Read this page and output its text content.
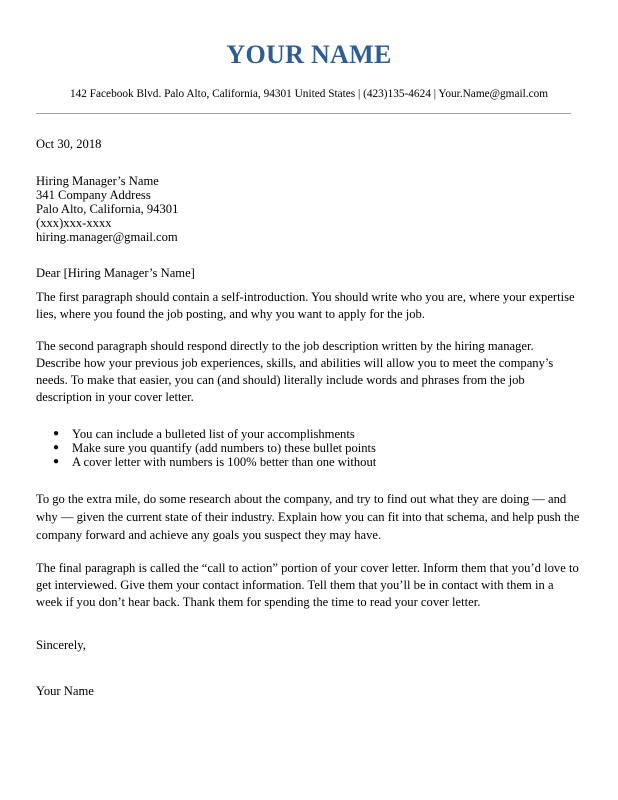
YOUR NAME
142 Facebook Blvd. Palo Alto, California, 94301 United States | (423)135-4624 | Your.Name@gmail.com
Oct 30, 2018
Hiring Manager’s Name
341 Company Address
Palo Alto, California, 94301
(xxx)xxx-xxxx
hiring.manager@gmail.com
Dear [Hiring Manager’s Name]

The first paragraph should contain a self-introduction. You should write who you are, where your expertise lies, where you found the job posting, and why you want to apply for the job.

The second paragraph should respond directly to the job description written by the hiring manager. Describe how your previous job experiences, skills, and abilities will allow you to meet the company’s needs. To make that easier, you can (and should) literally include words and phrases from the job description in your cover letter.

● You can include a bulleted list of your accomplishments
● Make sure you quantify (add numbers to) these bullet points
● A cover letter with numbers is 100% better than one without

To go the extra mile, do some research about the company, and try to find out what they are doing — and why — given the current state of their industry. Explain how you can fit into that schema, and help push the company forward and achieve any goals you suspect they may have.

The final paragraph is called the “call to action” portion of your cover letter. Inform them that you’d love to get interviewed. Give them your contact information. Tell them that you’ll be in contact with them in a week if you don’t hear back. Thank them for spending the time to read your cover letter.

Sincerely,
Your Name
